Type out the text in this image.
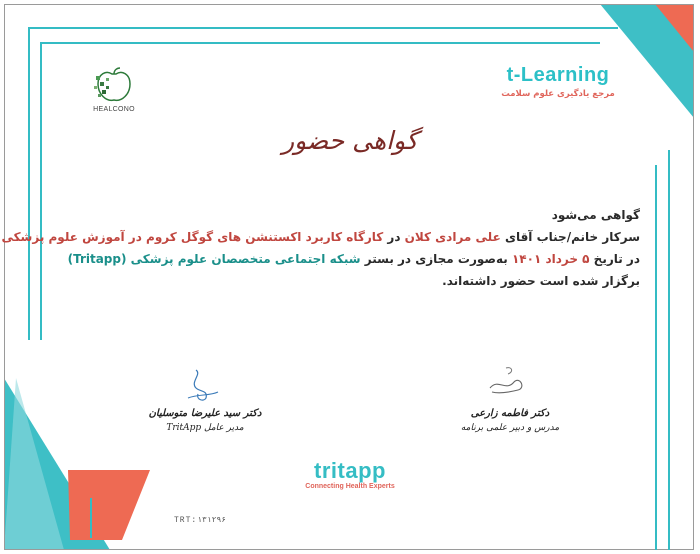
HEALCONO
t-Learning
مرجع یادگیری علوم سلامت
گواهی حضور

گواهی می‌شود

سرکار خانم/جناب آقای علی مرادی کلان در کارگاه کاربرد اکستنشن های گوگل کروم در آموزش علوم پزشکی

در تاریخ ۵ خرداد ۱۴۰۱ به‌صورت مجازی در بستر شبکه اجتماعی متخصصان علوم پزشکی (Tritapp)

برگزار شده است حضور داشته‌اند.

دکتر سید علیرضا متوسلیان
مدیر عامل TritApp
دکتر فاطمه زارعی
مدرس و دبیر علمی برنامه
tritapp
Connecting Health Experts
TRT:۱۳۱۲۹۶
